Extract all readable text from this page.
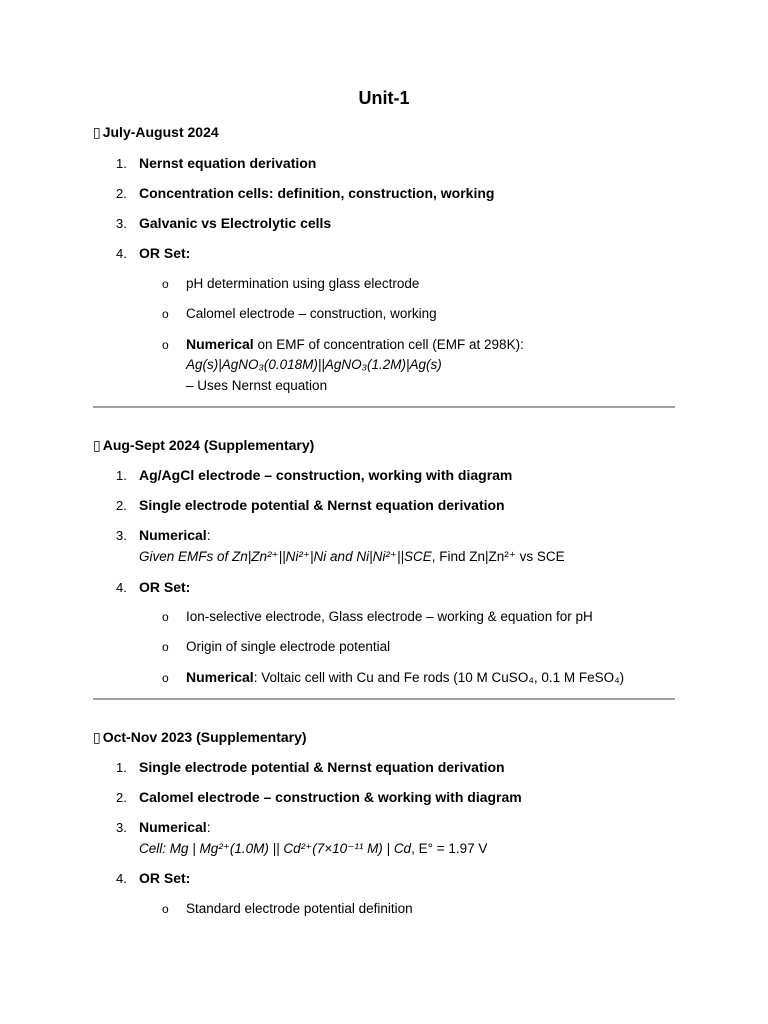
Unit-1
▯ July-August 2024
1. Nernst equation derivation
2. Concentration cells: definition, construction, working
3. Galvanic vs Electrolytic cells
4. OR Set:
o pH determination using glass electrode
o Calomel electrode – construction, working
o Numerical on EMF of concentration cell (EMF at 298K):
Ag(s)|AgNO₃(0.018M)||AgNO₃(1.2M)|Ag(s)
– Uses Nernst equation
▯ Aug-Sept 2024 (Supplementary)
1. Ag/AgCl electrode – construction, working with diagram
2. Single electrode potential & Nernst equation derivation
3. Numerical:
Given EMFs of Zn|Zn²⁺||Ni²⁺|Ni and Ni|Ni²⁺||SCE, Find Zn|Zn²⁺ vs SCE
4. OR Set:
o Ion-selective electrode, Glass electrode – working & equation for pH
o Origin of single electrode potential
o Numerical: Voltaic cell with Cu and Fe rods (10 M CuSO₄, 0.1 M FeSO₄)
▯ Oct-Nov 2023 (Supplementary)
1. Single electrode potential & Nernst equation derivation
2. Calomel electrode – construction & working with diagram
3. Numerical:
Cell: Mg | Mg²⁺(1.0M) || Cd²⁺(7×10⁻¹¹ M) | Cd, E° = 1.97 V
4. OR Set:
o Standard electrode potential definition
